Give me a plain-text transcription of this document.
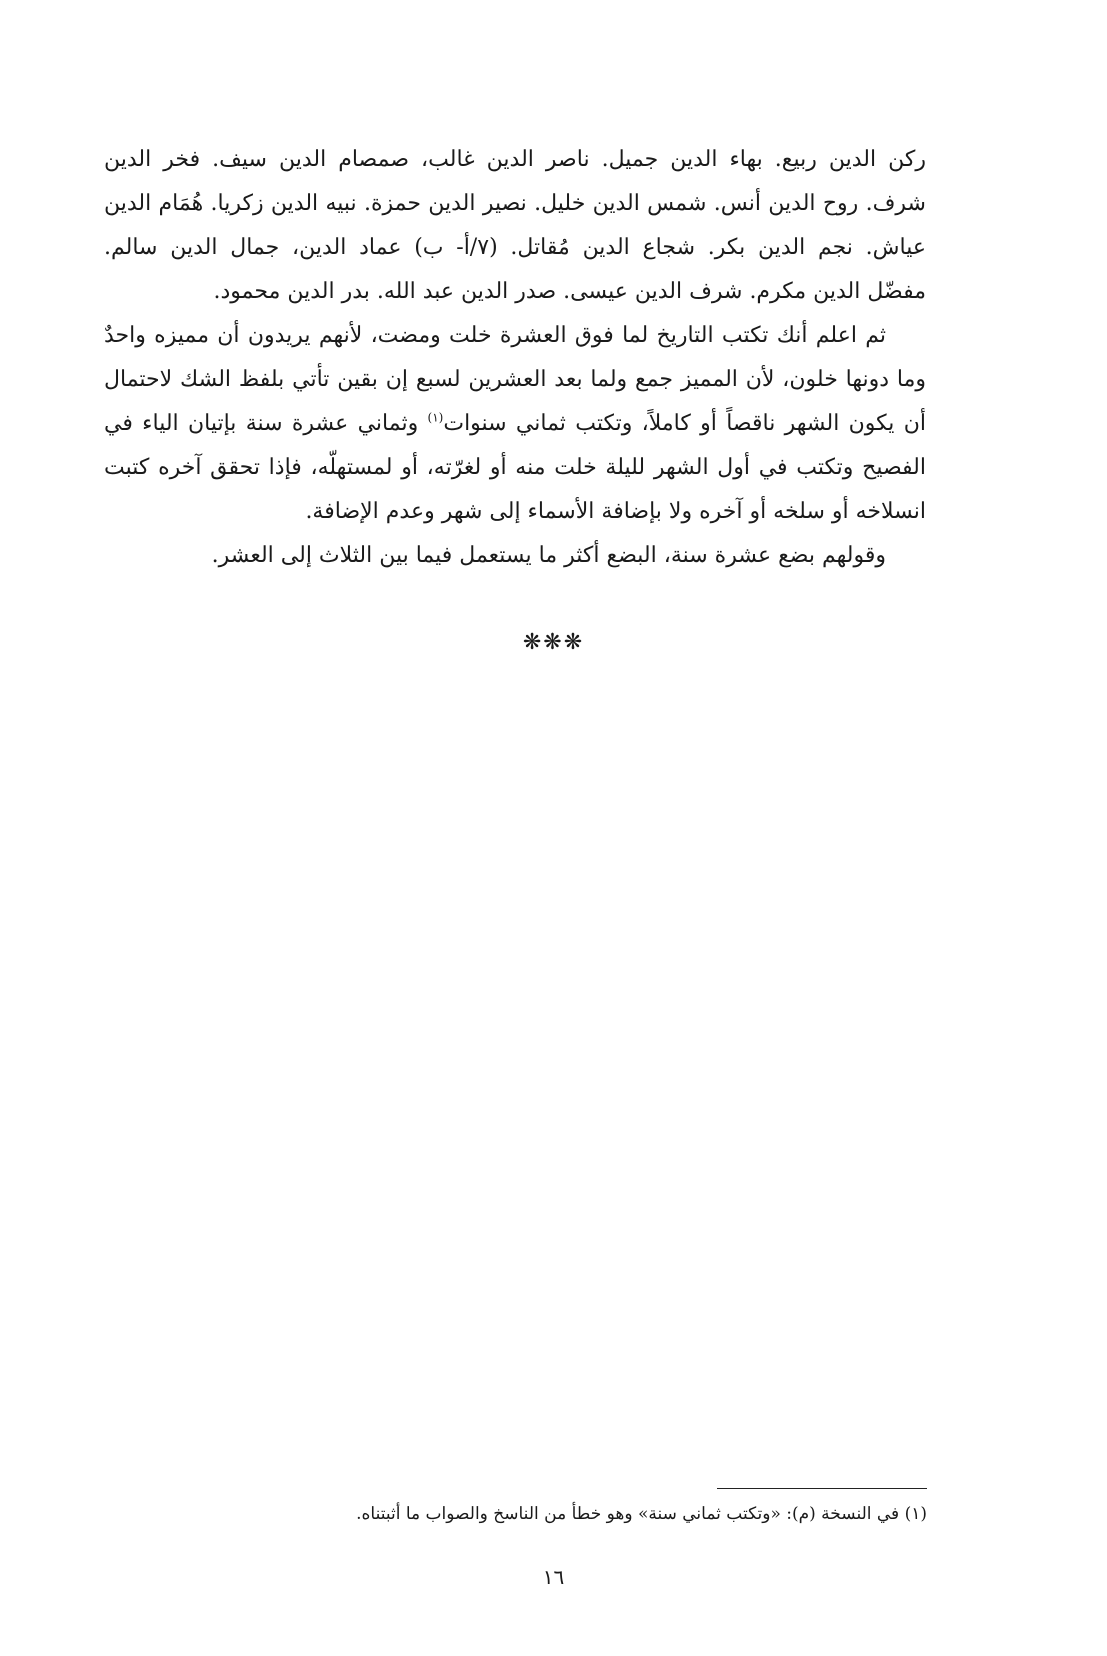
ركن الدين ربيع. بهاء الدين جميل. ناصر الدين غالب، صمصام الدين سيف. فخر الدين
شرف. روح الدين أنس. شمس الدين خليل. نصير الدين حمزة. نبيه الدين زكريا. هُمَام الدين
عياش. نجم الدين بكر. شجاع الدين مُقاتل. (٧/أ- ب) عماد الدين، جمال الدين سالم.
مفضّل الدين مكرم. شرف الدين عيسى. صدر الدين عبد الله. بدر الدين محمود.
ثم اعلم أنك تكتب التاريخ لما فوق العشرة خلت ومضت، لأنهم يريدون أن مميزه واحدٌ
وما دونها خلون، لأن المميز جمع ولما بعد العشرين لسبع إن بقين تأتي بلفظ الشك لاحتمال
أن يكون الشهر ناقصاً أو كاملاً، وتكتب ثماني سنوات$^{(١)}$ وثماني عشرة سنة بإتيان الياء في
الفصيح وتكتب في أول الشهر لليلة خلت منه أو لغرّته، أو لمستهلّه، فإذا تحقق آخره كتبت
انسلاخه أو سلخه أو آخره ولا بإضافة الأسماء إلى شهر وعدم الإضافة.
وقولهم بضع عشرة سنة، البضع أكثر ما يستعمل فيما بين الثلاث إلى العشر.
❋❋❋
(١) في النسخة (م): «وتكتب ثماني سنة» وهو خطأ من الناسخ والصواب ما أثبتناه.
١٦
